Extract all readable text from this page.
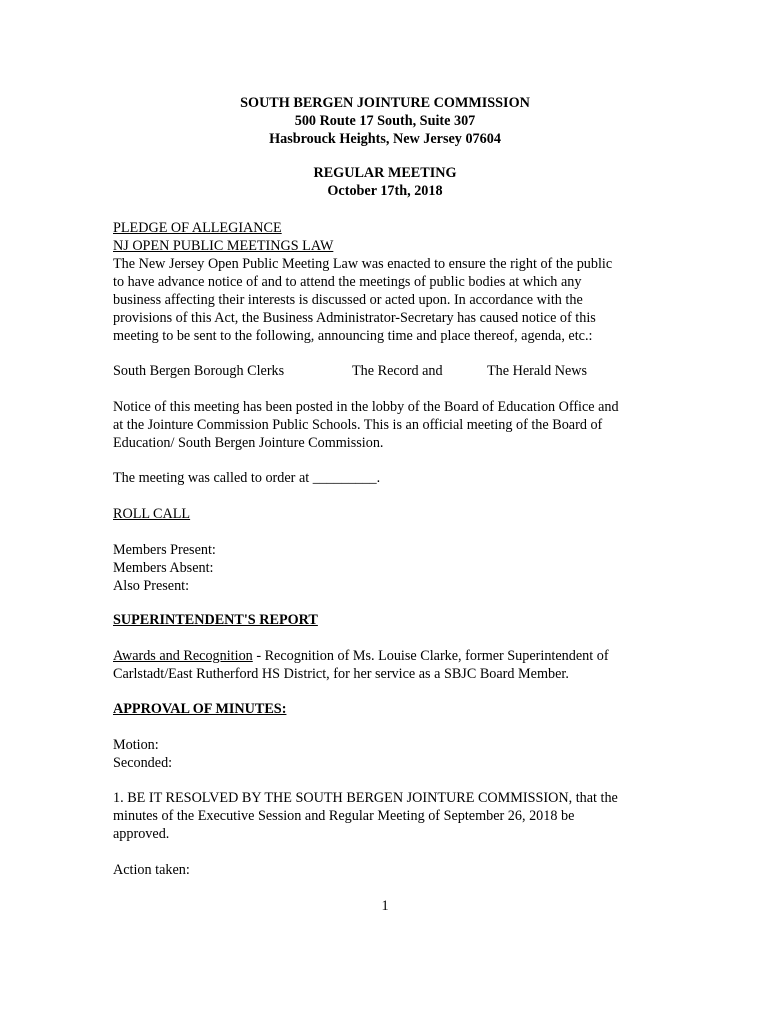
SOUTH BERGEN JOINTURE COMMISSION
500 Route 17 South, Suite 307
Hasbrouck Heights, New Jersey 07604
REGULAR MEETING
October 17th, 2018
PLEDGE OF ALLEGIANCE
NJ OPEN PUBLIC MEETINGS LAW
The New Jersey Open Public Meeting Law was enacted to ensure the right of the public
to have advance notice of and to attend the meetings of public bodies at which any
business affecting their interests is discussed or acted upon. In accordance with the
provisions of this Act, the Business Administrator-Secretary has caused notice of this
meeting to be sent to the following, announcing time and place thereof, agenda, etc.:
South Bergen Borough Clerks	The Record and	The Herald News
Notice of this meeting has been posted in the lobby of the Board of Education Office and
at the Jointure Commission Public Schools. This is an official meeting of the Board of
Education/ South Bergen Jointure Commission.
The meeting was called to order at _________.
ROLL CALL
Members Present:
Members Absent:
Also Present:
SUPERINTENDENT'S REPORT
Awards and Recognition - Recognition of Ms. Louise Clarke, former Superintendent of
Carlstadt/East Rutherford HS District, for her service as a SBJC Board Member.
APPROVAL OF MINUTES:
Motion:
Seconded:
1. BE IT RESOLVED BY THE SOUTH BERGEN JOINTURE COMMISSION, that the
minutes of the Executive Session and Regular Meeting of September 26, 2018 be
approved.
Action taken:
1
